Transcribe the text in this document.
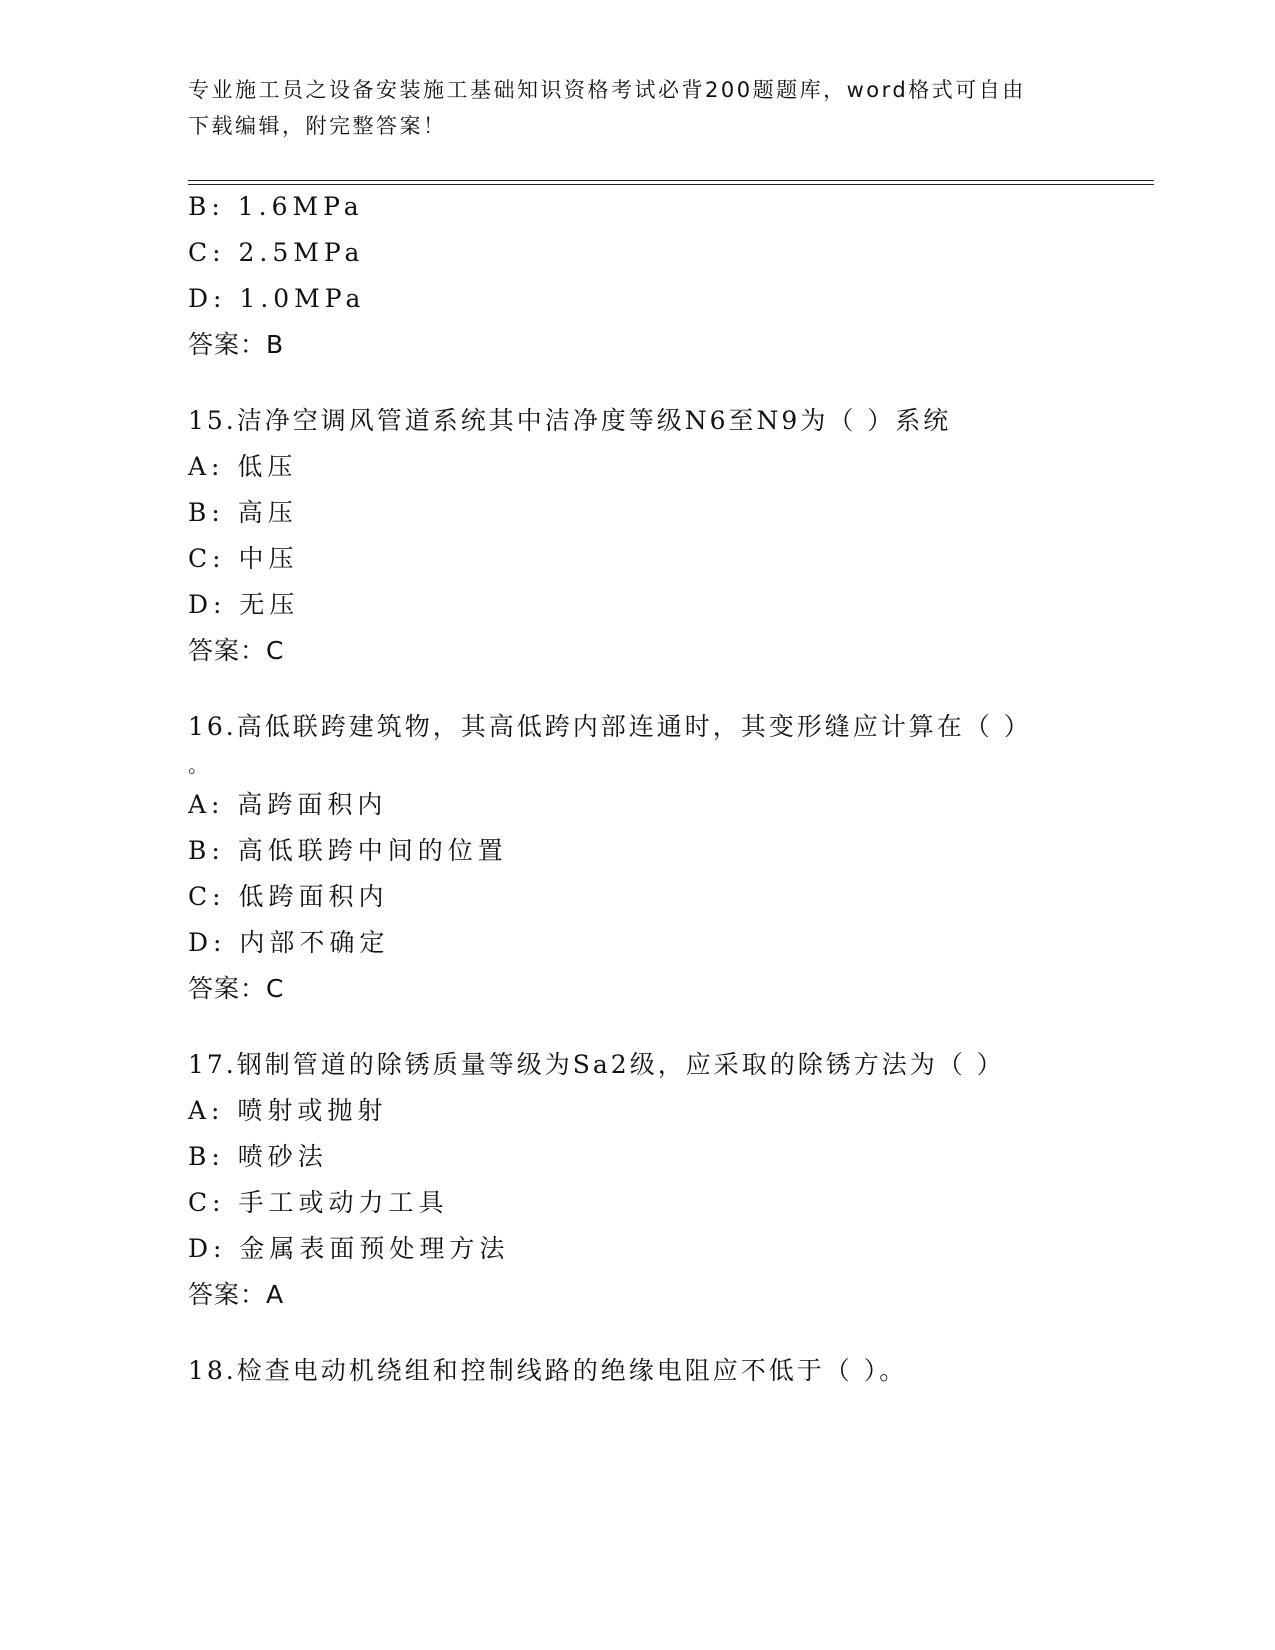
专业施工员之设备安装施工基础知识资格考试必背200题题库，word格式可自由
下载编辑，附完整答案！
B: 1.6MPa
C: 2.5MPa
D: 1.0MPa
答案：B
15.洁净空调风管道系统其中洁净度等级N6至N9为（ ）系统
A: 低压
B: 高压
C: 中压
D: 无压
答案：C
16.高低联跨建筑物，其高低跨内部连通时，其变形缝应计算在（ ）
。
A: 高跨面积内
B: 高低联跨中间的位置
C: 低跨面积内
D: 内部不确定
答案：C
17.钢制管道的除锈质量等级为Sa2级，应采取的除锈方法为（ ）
A: 喷射或抛射
B: 喷砂法
C: 手工或动力工具
D: 金属表面预处理方法
答案：A
18.检查电动机绕组和控制线路的绝缘电阻应不低于（ ）。
